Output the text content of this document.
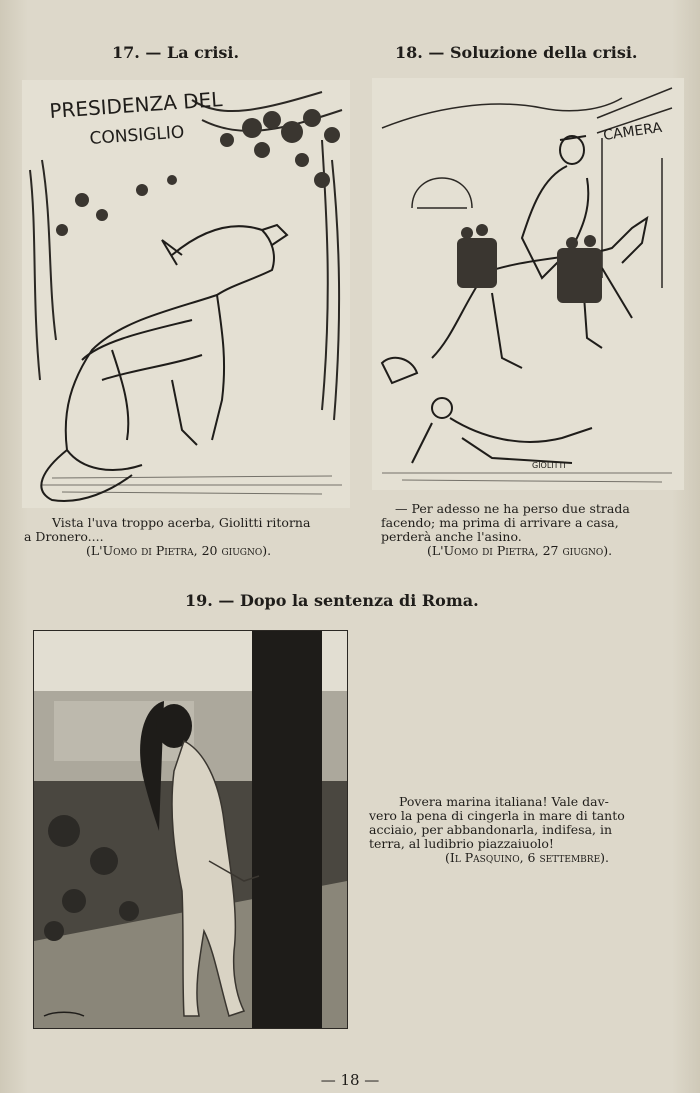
17. — La crisi.
PRESIDENZA DEL
CONSIGLIO
Vista l'uva troppo acerba, Giolitti ritorna
a Dronero....
(L'Uomo di Pietra, 20 giugno).
18. — Soluzione della crisi.
CAMERA
GIOLITTI
— Per adesso ne ha perso due strada
facendo; ma prima di arrivare a casa,
perderà anche l'asino.
(L'Uomo di Pietra, 27 giugno).
19. — Dopo la sentenza di Roma.
Povera marina italiana! Vale dav-
vero la pena di cingerla in mare di tanto
acciaio, per abbandonarla, indifesa, in
terra, al ludibrio piazzaiuolo!
(Il Pasquino, 6 settembre).
— 18 —
